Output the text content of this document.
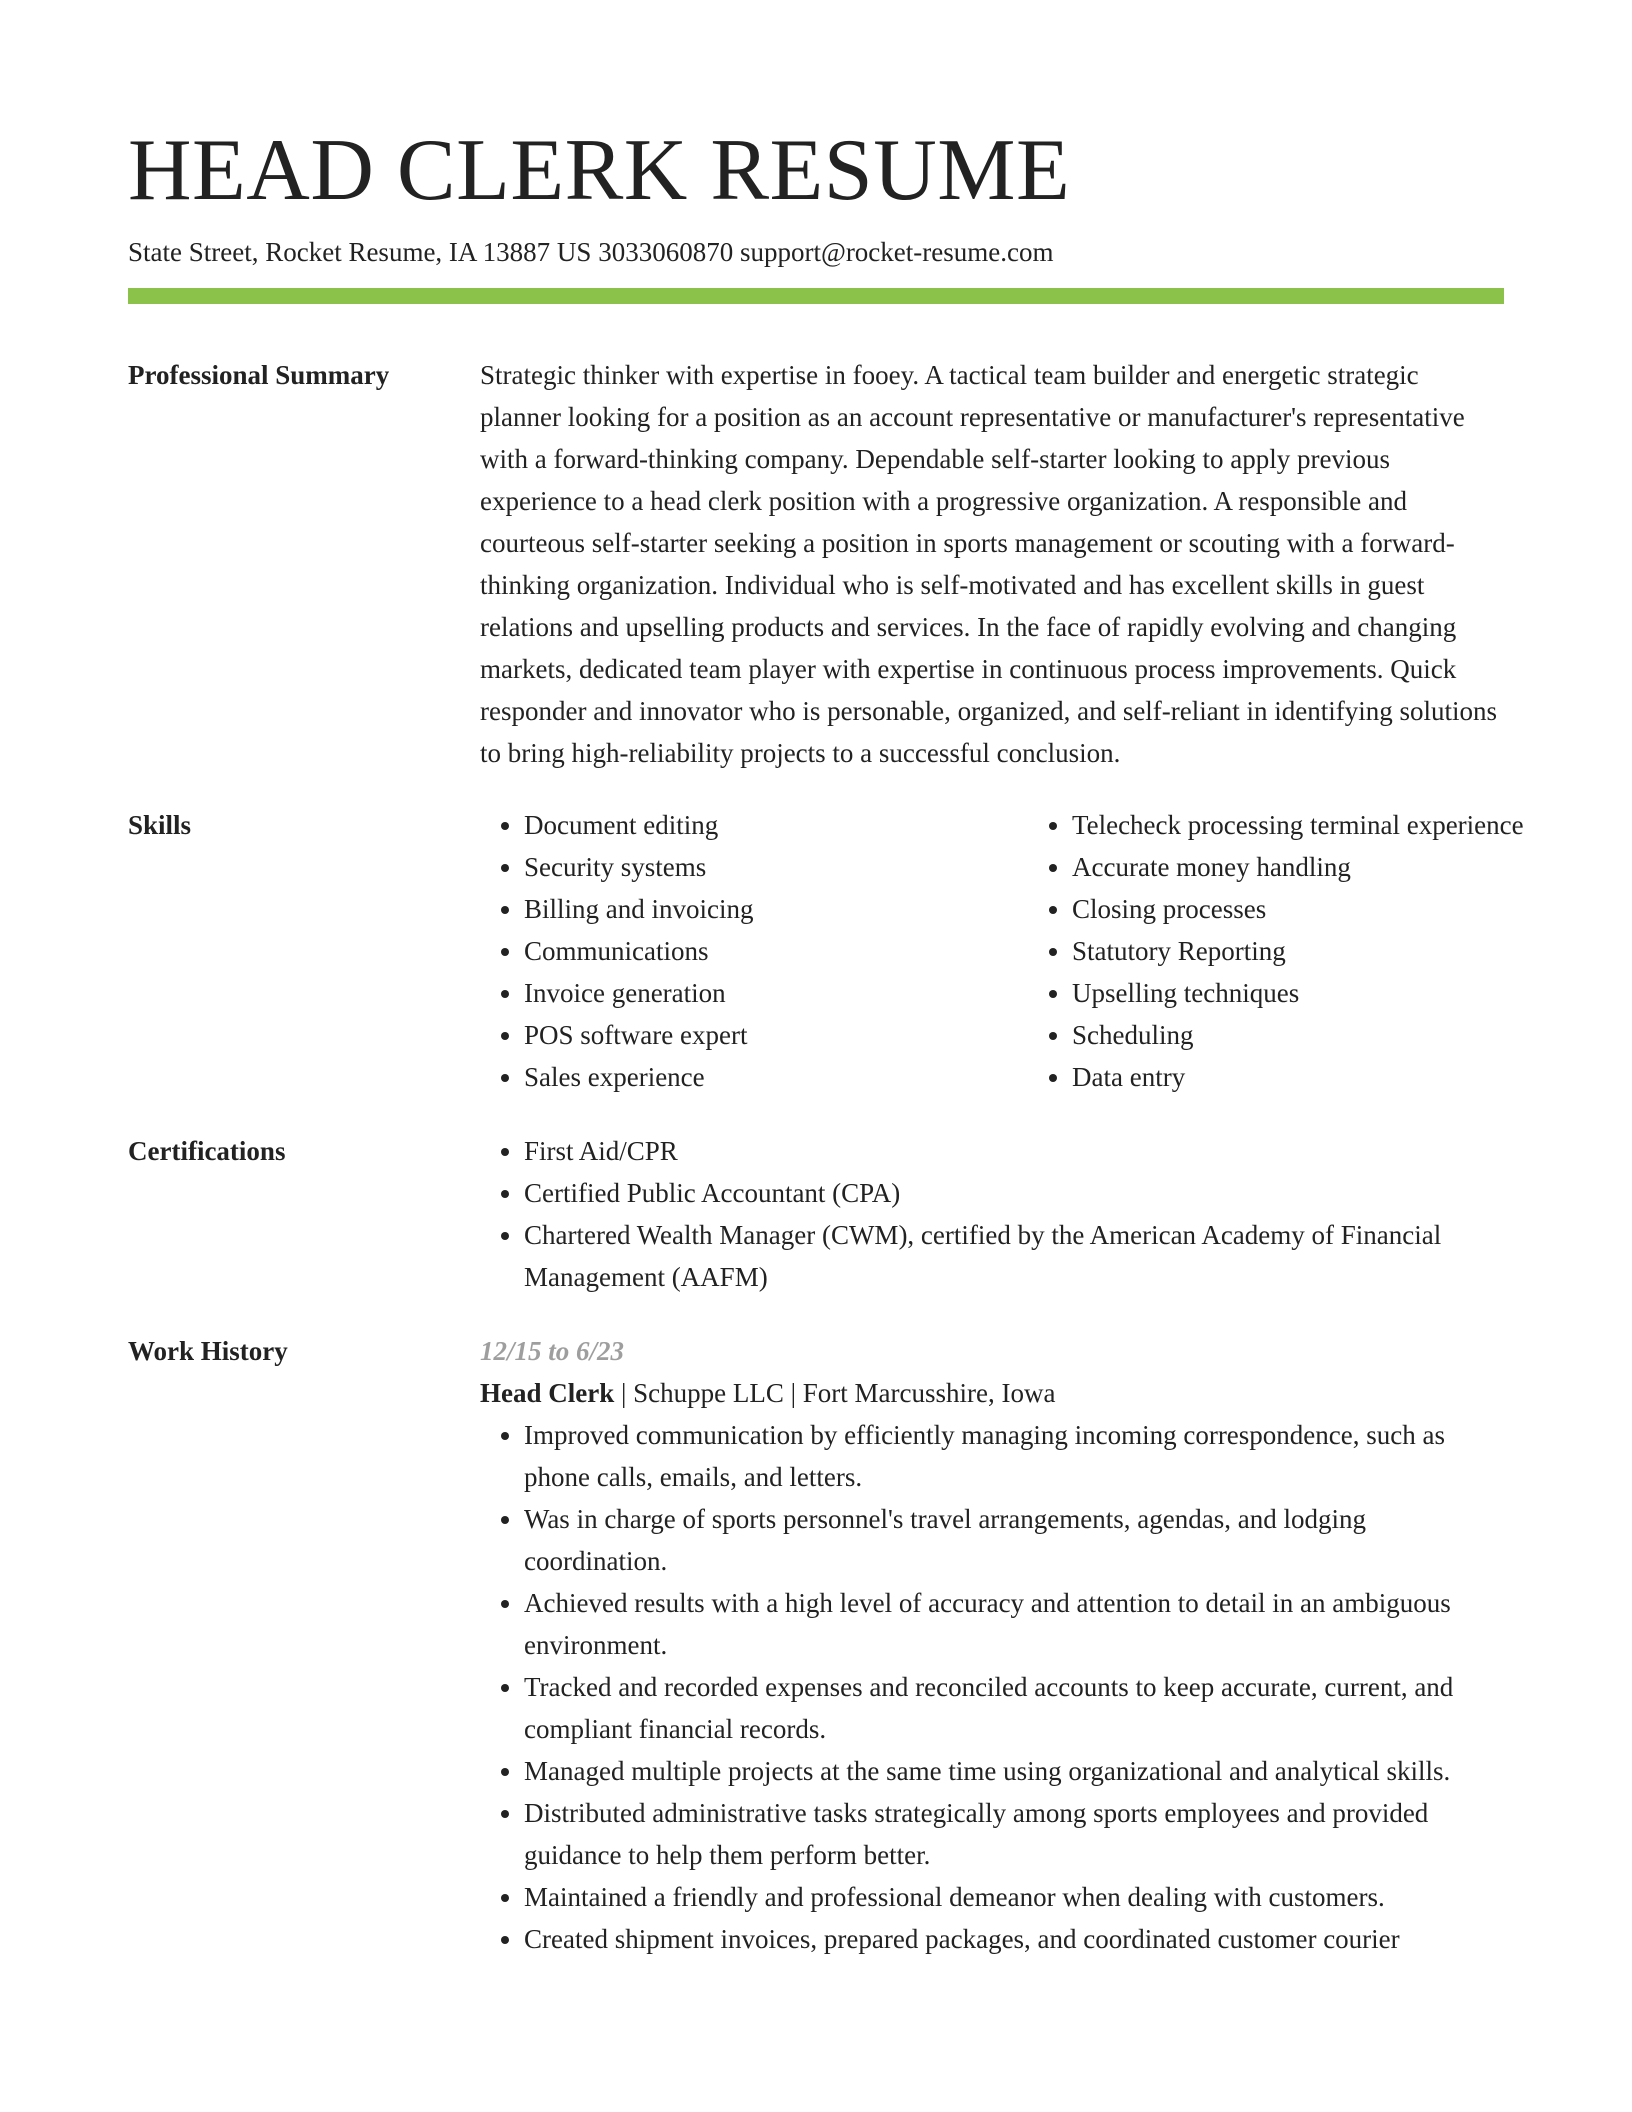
HEAD CLERK RESUME
State Street, Rocket Resume, IA 13887 US 3033060870 support@rocket-resume.com
Professional Summary	Strategic thinker with expertise in fooey. A tactical team builder and energetic strategic planner looking for a position as an account representative or manufacturer's representative with a forward-thinking company. Dependable self-starter looking to apply previous experience to a head clerk position with a progressive organization. A responsible and courteous self-starter seeking a position in sports management or scouting with a forward-thinking organization. Individual who is self-motivated and has excellent skills in guest relations and upselling products and services. In the face of rapidly evolving and changing markets, dedicated team player with expertise in continuous process improvements. Quick responder and innovator who is personable, organized, and self-reliant in identifying solutions to bring high-reliability projects to a successful conclusion.

Skills	• Document editing
• Security systems
• Billing and invoicing
• Communications
• Invoice generation
• POS software expert
• Sales experience
• Telecheck processing terminal experience
• Accurate money handling
• Closing processes
• Statutory Reporting
• Upselling techniques
• Scheduling
• Data entry
Certifications	• First Aid/CPR
• Certified Public Accountant (CPA)
• Chartered Wealth Manager (CWM), certified by the American Academy of Financial Management (AAFM)
Work History	12/15 to 6/23
Head Clerk | Schuppe LLC | Fort Marcusshire, Iowa
• Improved communication by efficiently managing incoming correspondence, such as phone calls, emails, and letters.
• Was in charge of sports personnel's travel arrangements, agendas, and lodging coordination.
• Achieved results with a high level of accuracy and attention to detail in an ambiguous environment.
• Tracked and recorded expenses and reconciled accounts to keep accurate, current, and compliant financial records.
• Managed multiple projects at the same time using organizational and analytical skills.
• Distributed administrative tasks strategically among sports employees and provided guidance to help them perform better.
• Maintained a friendly and professional demeanor when dealing with customers.
• Created shipment invoices, prepared packages, and coordinated customer courier
